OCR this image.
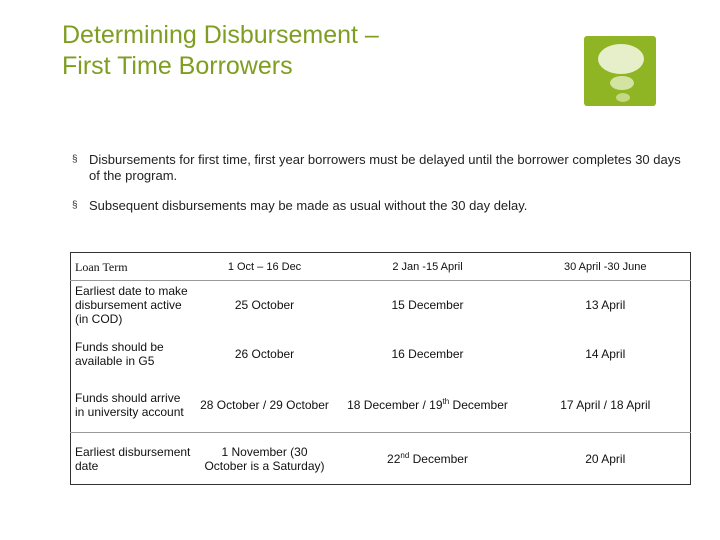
Determining Disbursement –
First Time Borrowers
§ Disbursements for first time, first year borrowers must be delayed until the borrower completes 30 days of the program.
§ Subsequent disbursements may be made as usual without the 30 day delay.
Loan Term	1 Oct – 16 Dec	2 Jan -15 April	30 April -30 June
Earliest date to make disbursement active (in COD)	25 October	15 December	13 April
Funds should be available in G5	26 October	16 December	14 April
Funds should arrive in university account	28 October / 29 October	18 December / 19th December	17 April / 18 April
Earliest disbursement date	1 November (30 October is a Saturday)	22nd December	20 April
